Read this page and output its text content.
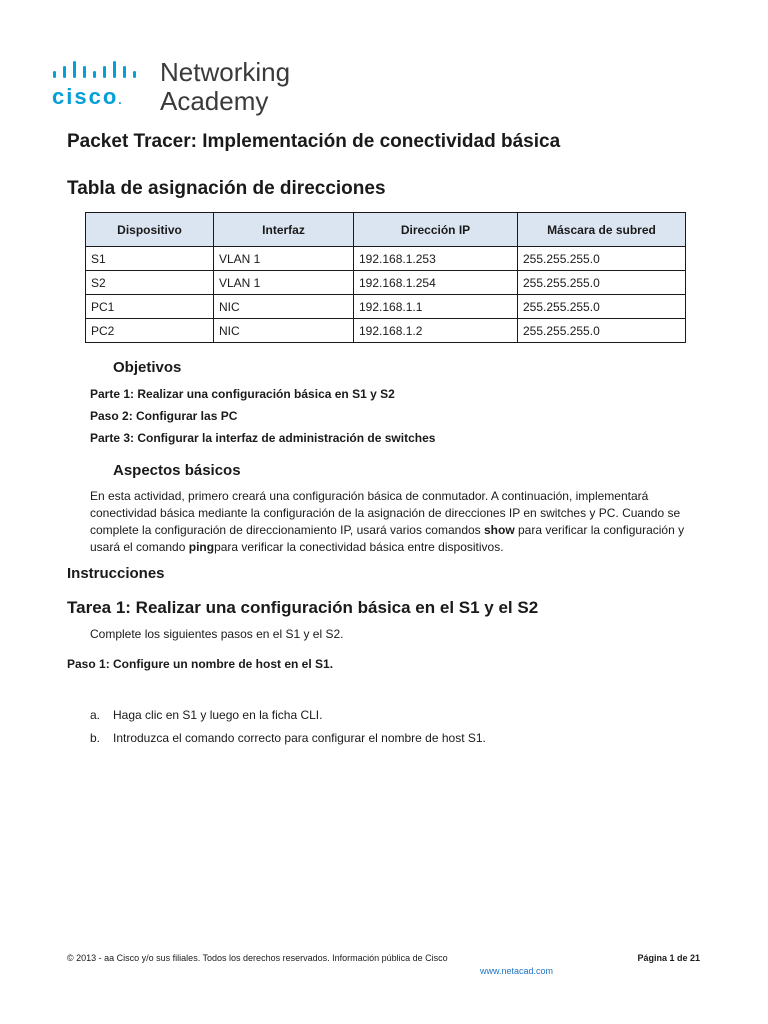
cisco.
Networking
Academy
Packet Tracer: Implementación de conectividad básica
Tabla de asignación de direcciones
Dispositivo	Interfaz	Dirección IP	Máscara de subred
S1	VLAN 1	192.168.1.253	255.255.255.0
S2	VLAN 1	192.168.1.254	255.255.255.0
PC1	NIC	192.168.1.1	255.255.255.0
PC2	NIC	192.168.1.2	255.255.255.0
Objetivos

Parte 1: Realizar una configuración básica en S1 y S2

Paso 2: Configurar las PC

Parte 3: Configurar la interfaz de administración de switches

Aspectos básicos

En esta actividad, primero creará una configuración básica de conmutador. A continuación, implementará conectividad básica mediante la configuración de la asignación de direcciones IP en switches y PC. Cuando se complete la configuración de direccionamiento IP, usará varios comandos show para verificar la configuración y usará el comando pingpara verificar la conectividad básica entre dispositivos.

Instrucciones
Tarea 1: Realizar una configuración básica en el S1 y el S2

Complete los siguientes pasos en el S1 y el S2.

Paso 1: Configure un nombre de host en el S1.

a. Haga clic en S1 y luego en la ficha CLI.
b. Introduzca el comando correcto para configurar el nombre de host S1.
© 2013 - aa Cisco y/o sus filiales. Todos los derechos reservados. Información pública de Cisco	Página 1 de 21
www.netacad.com
